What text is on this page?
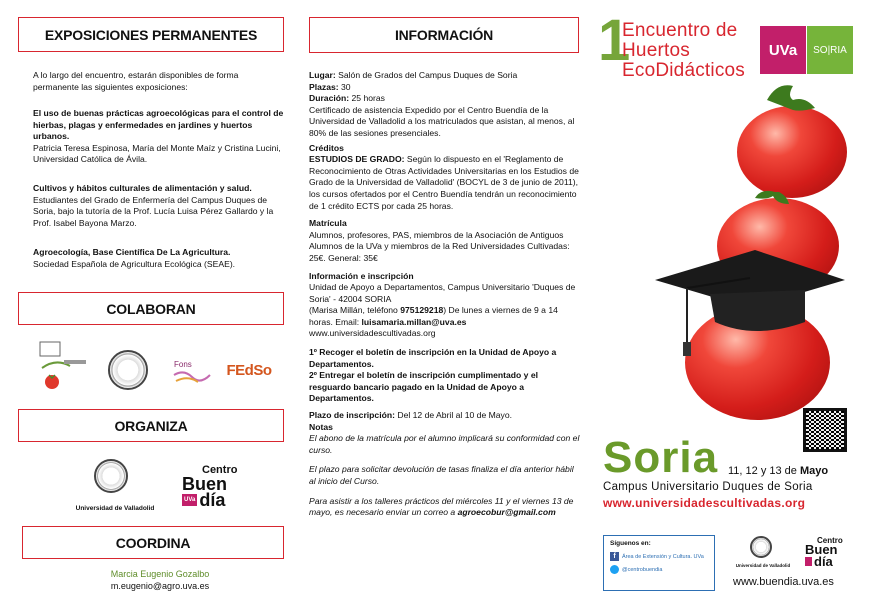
EXPOSICIONES PERMANENTES
A lo largo del encuentro, estarán disponibles de forma permanente las siguientes exposiciones:
El uso de buenas prácticas agroecológicas para el control de hierbas, plagas y enfermedades en jardines y huertos urbanos.
Patricia Teresa Espinosa, María del Monte Maíz y Cristina Lucini, Universidad Católica de Ávila.
Cultivos y hábitos culturales de alimentación y salud.
Estudiantes del Grado de Enfermería del Campus Duques de Soria, bajo la tutoría de la Prof. Lucía Luisa Pérez Gallardo y la Prof. Isabel Bayona Marzo.
Agroecología, Base Científica De La Agricultura.
Sociedad Española de Agricultura Ecológica (SEAE).
COLABORAN
Fons FEdSo
ORGANIZA
Universidad de Valladolid
Centro
Buen
UVa día
COORDINA
Marcia Eugenio Gozalbo
m.eugenio@agro.uva.es
INFORMACIÓN
Lugar: Salón de Grados del Campus Duques de Soria
Plazas: 30
Duración: 25 horas
Certificado de asistencia Expedido por el Centro Buendía de la Universidad de Valladolid a los matriculados que asistan, al menos, al 80% de las sesiones presenciales.
Créditos
ESTUDIOS DE GRADO: Según lo dispuesto en el 'Reglamento de Reconocimiento de Otras Actividades Universitarias en los Estudios de Grado de la Universidad de Valladolid' (BOCYL de 3 de junio de 2011), los cursos ofertados por el Centro Buendía tendrán un reconocimiento de 1 crédito ECTS por cada 25 horas.
Matrícula
Alumnos, profesores, PAS, miembros de la Asociación de Antiguos Alumnos de la UVa y miembros de la Red Universidades Cultivadas: 25€. General: 35€
Información e inscripción
Unidad de Apoyo a Departamentos, Campus Universitario 'Duques de Soria' - 42004 SORIA
(Marisa Millán, teléfono 975129218) De lunes a viernes de 9 a 14 horas. Email: luisamaria.millan@uva.es
www.universidadescultivadas.org
1º Recoger el boletín de inscripción en la Unidad de Apoyo a Departamentos.
2º Entregar el boletín de inscripción cumplimentado y el resguardo bancario pagado en la Unidad de Apoyo a Departamentos.
Plazo de inscripción: Del 12 de Abril al 10 de Mayo.
Notas
El abono de la matrícula por el alumno implicará su conformidad con el curso.
El plazo para solicitar devolución de tasas finaliza el día anterior hábil al inicio del Curso.
Para asistir a los talleres prácticos del miércoles 11 y el viernes 13 de mayo, es necesario enviar un correo a agroecobur@gmail.com
1
Encuentro de
Huertos
EcoDidácticos
UVa SO|RIA
Soria 11, 12 y 13 de Mayo
Campus Universitario Duques de Soria
www.universidadescultivadas.org
Síguenos en:
f	Área de Extensión y Cultura. UVa
@centrobuendia
Universidad de Valladolid
Centro
Buen
día
www.buendia.uva.es
